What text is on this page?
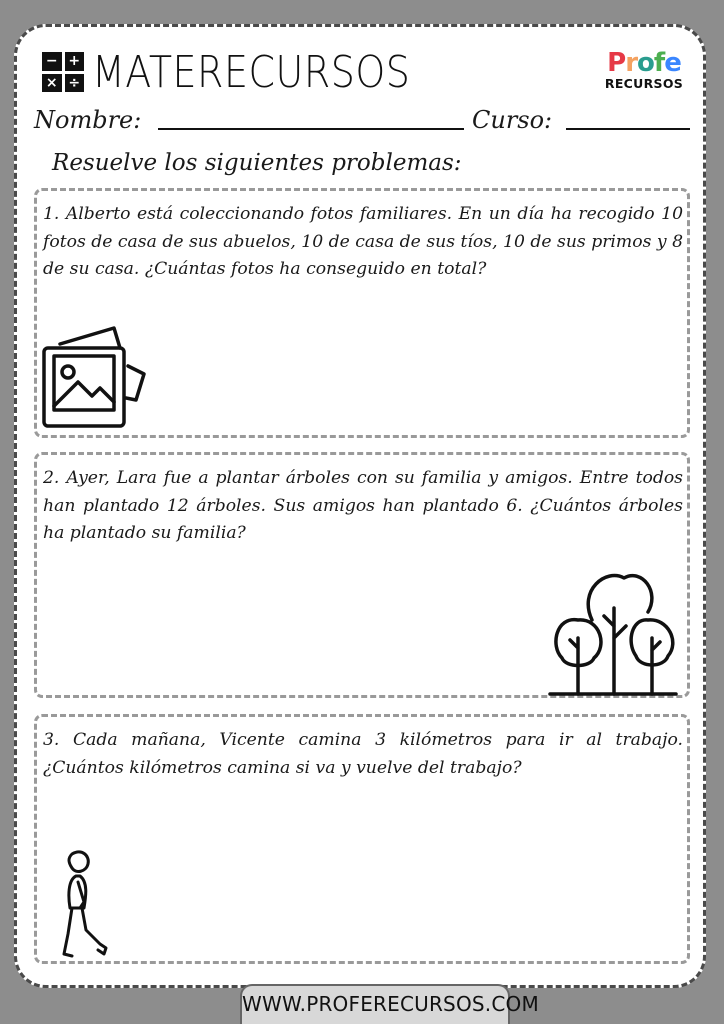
− +
× ÷ MATERECURSOS	Profe
RECURSOS
Nombre:	Curso:
Resuelve los siguientes problemas:

1. Alberto está coleccionando fotos familiares. En un día ha recogido 10 fotos de casa de sus abuelos, 10 de casa de sus tíos, 10 de sus primos y 8 de su casa. ¿Cuántas fotos ha conseguido en total?

2. Ayer, Lara fue a plantar árboles con su familia y amigos. Entre todos han plantado 12 árboles. Sus amigos han plantado 6. ¿Cuántos árboles ha plantado su familia?

3. Cada mañana, Vicente camina 3 kilómetros para ir al trabajo. ¿Cuántos kilómetros camina si va y vuelve del trabajo?

WWW.PROFERECURSOS.COM
